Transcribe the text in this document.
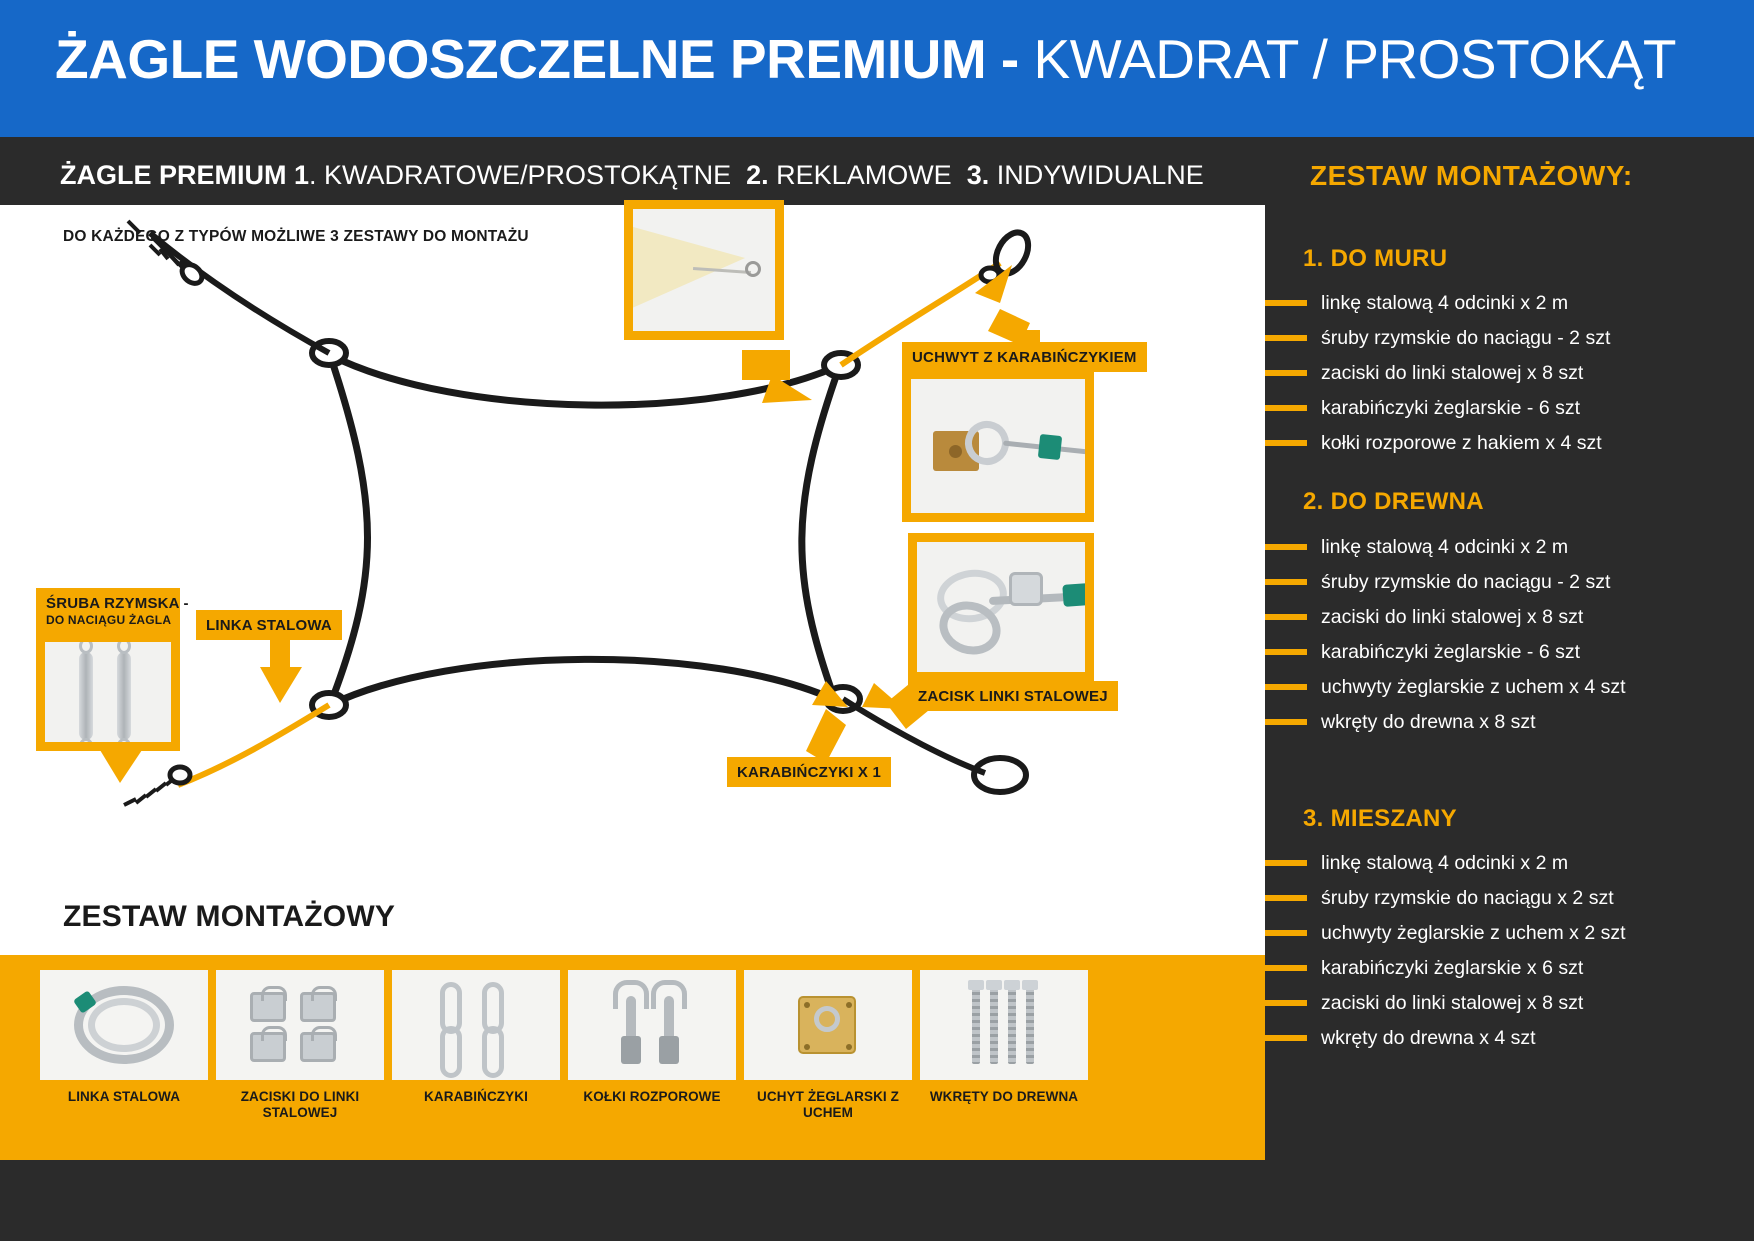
ŻAGLE WODOSZCZELNE PREMIUM - KWADRAT / PROSTOKĄT
ŻAGLE PREMIUM 1. KWADRATOWE/PROSTOKĄTNE 2. REKLAMOWE 3. INDYWIDUALNE	ZESTAW MONTAŻOWY:
DO KAŻDEGO Z TYPÓW MOŻLIWE 3 ZESTAWY DO MONTAŻU
UCHWYT Z KARABIŃCZYKIEM
ZACISK LINKI STALOWEJ
KARABIŃCZYKI X 1
ŚRUBA RZYMSKA -
DO NACIĄGU ŻAGLA	LINKA STALOWA
ZESTAW MONTAŻOWY
LINKA STALOWA	ZACISKI DO LINKI STALOWEJ
KARABIŃCZYKI	KOŁKI ROZPOROWE	UCHYT ŻEGLARSKI Z UCHEM
WKRĘTY DO DREWNA
1. DO MURU
linkę stalową 4 odcinki x 2 m
śruby rzymskie do naciągu - 2 szt
zaciski do linki stalowej x 8 szt
karabińczyki żeglarskie - 6 szt
kołki rozporowe z hakiem x 4 szt
2. DO DREWNA
linkę stalową 4 odcinki x 2 m
śruby rzymskie do naciągu - 2 szt
zaciski do linki stalowej x 8 szt
karabińczyki żeglarskie - 6 szt
uchwyty żeglarskie z uchem x 4 szt
wkręty do drewna x 8 szt
3. MIESZANY
linkę stalową 4 odcinki x 2 m
śruby rzymskie do naciągu x 2 szt
uchwyty żeglarskie z uchem x 2 szt
karabińczyki żeglarskie x 6 szt
zaciski do linki stalowej x 8 szt
wkręty do drewna x 4 szt
